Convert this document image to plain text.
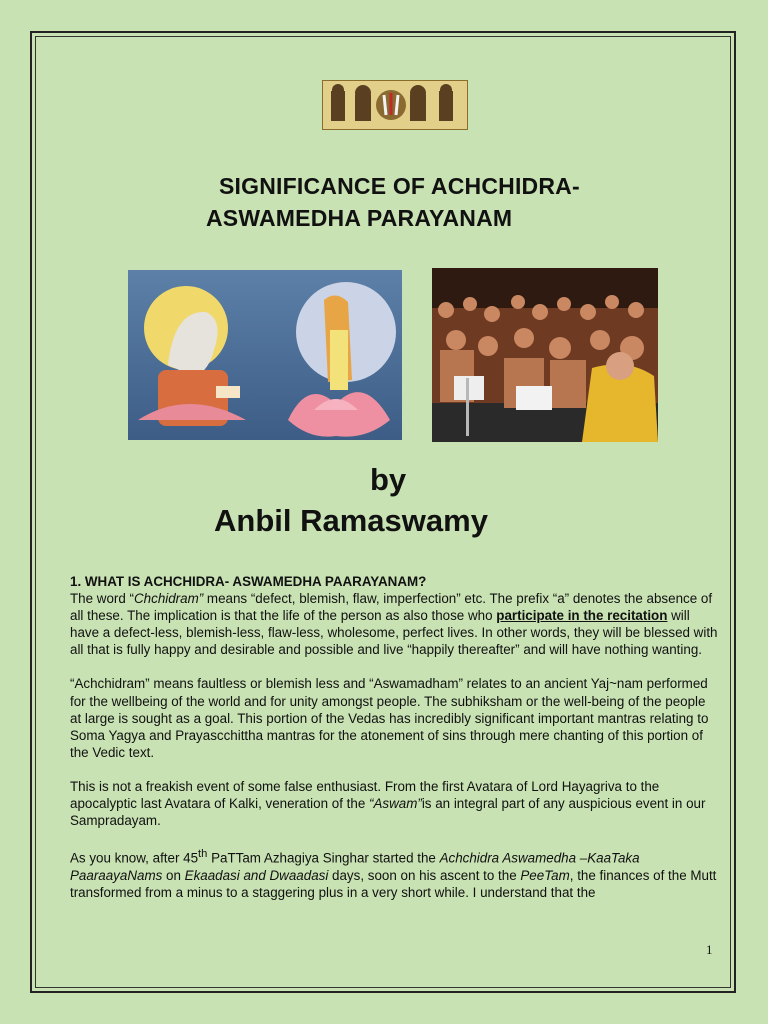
SIGNIFICANCE OF ACHCHIDRA-
ASWAMEDHA PARAYANAM
by
Anbil Ramaswamy

1. WHAT IS ACHCHIDRA- ASWAMEDHA PAARAYANAM?
The word “Chchidram” means “defect, blemish, flaw, imperfection” etc. The prefix “a” denotes the absence of all these. The implication is that the life of the person as also those who participate in the recitation will have a defect-less, blemish-less, flaw-less, wholesome, perfect lives. In other words, they will be blessed with all that is fully happy and desirable and possible and live “happily thereafter” and will have nothing wanting.

“Achchidram” means faultless or blemish less and “Aswamadham” relates to an ancient Yaj~nam performed for the wellbeing of the world and for unity amongst people. The subhiksham or the well-being of the people at large is sought as a goal. This portion of the Vedas has incredibly significant important mantras relating to Soma Yagya and Prayascchittha mantras for the atonement of sins through mere chanting of this portion of the Vedic text.

This is not a freakish event of some false enthusiast. From the first Avatara of Lord Hayagriva to the apocalyptic last Avatara of Kalki, veneration of the “Aswam”is an integral part of any auspicious event in our Sampradayam.

As you know, after 45th PaTTam Azhagiya Singhar started the Achchidra Aswamedha –KaaTaka PaaraayaNams on Ekaadasi and Dwaadasi days, soon on his ascent to the PeeTam, the finances of the Mutt transformed from a minus to a staggering plus in a very short while. I understand that the

1
